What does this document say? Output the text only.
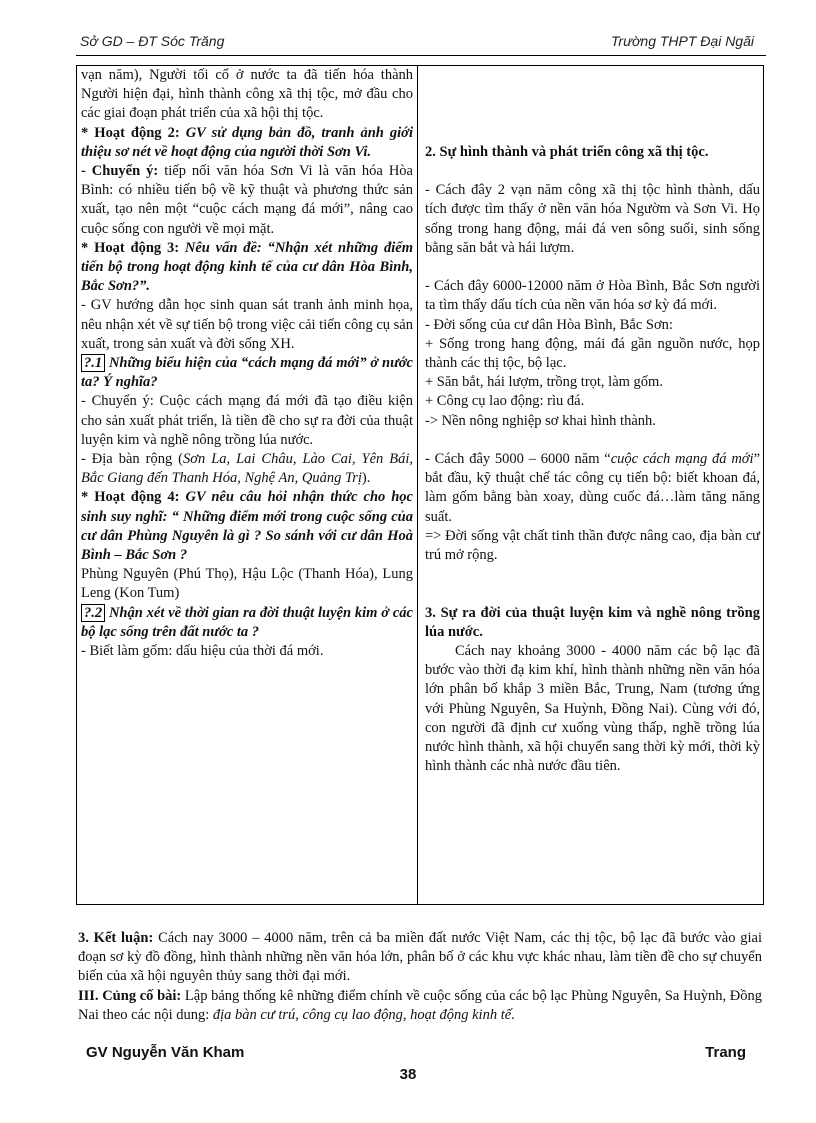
Sở GD – ĐT Sóc Trăng	Trường THPT Đại Ngãi

vạn năm), Người tối cổ ở nước ta đã tiến hóa thành Người hiện đại, hình thành công xã thị tộc, mở đầu cho các giai đoạn phát triển của xã hội thị tộc.

* Hoạt động 2: GV sử dụng bản đồ, tranh ảnh giới thiệu sơ nét về hoạt động của người thời Sơn Vi.

- Chuyển ý: tiếp nối văn hóa Sơn Vi là văn hóa Hòa Bình: có nhiều tiến bộ về kỹ thuật và phương thức sản xuất, tạo nên một “cuộc cách mạng đá mới”, nâng cao cuộc sống con người về mọi mặt.

* Hoạt động 3: Nêu vấn đề: “Nhận xét những điểm tiến bộ trong hoạt động kinh tế của cư dân Hòa Bình, Bắc Sơn?”.

- GV hướng dẫn học sinh quan sát tranh ảnh minh họa, nêu nhận xét về sự tiến bộ trong việc cải tiến công cụ sản xuất, trong sản xuất và đời sống XH.

?.1 Những biểu hiện của “cách mạng đá mới” ở nước ta? Ý nghĩa?

- Chuyển ý: Cuộc cách mạng đá mới đã tạo điều kiện cho sản xuất phát triển, là tiền đề cho sự ra đời của thuật luyện kim và nghề nông trồng lúa nước.

- Địa bàn rộng (Sơn La, Lai Châu, Lào Cai, Yên Bái, Bắc Giang đến Thanh Hóa, Nghệ An, Quảng Trị).

* Hoạt động 4: GV nêu câu hỏi nhận thức cho học sinh suy nghĩ: “ Những điểm mới trong cuộc sống của cư dân Phùng Nguyên là gì ? So sánh với cư dân Hoà Bình – Bắc Sơn ?

Phùng Nguyên (Phú Thọ), Hậu Lộc (Thanh Hóa), Lung Leng (Kon Tum)

?.2 Nhận xét về thời gian ra đời thuật luyện kim ở các bộ lạc sống trên đất nước ta ?

- Biết làm gốm: dấu hiệu của thời đá mới.

2. Sự hình thành và phát triển công xã thị tộc.

- Cách đây 2 vạn năm công xã thị tộc hình thành, dấu tích được tìm thấy ở nền văn hóa Ngườm và Sơn Vi. Họ sống trong hang động, mái đá ven sông suối, sinh sống bằng săn bắt và hái lượm.

- Cách đây 6000-12000 năm ở Hòa Bình, Bắc Sơn người ta tìm thấy dấu tích của nền văn hóa sơ kỳ đá mới.

- Đời sống của cư dân Hòa Bình, Bắc Sơn:

+ Sống trong hang động, mái đá gần nguồn nước, họp thành các thị tộc, bộ lạc.

+ Săn bắt, hái lượm, trồng trọt, làm gốm.

+ Công cụ lao động: rìu đá.

-> Nền nông nghiệp sơ khai hình thành.

- Cách đây 5000 – 6000 năm “cuộc cách mạng đá mới” bắt đầu, kỹ thuật chế tác công cụ tiến bộ: biết khoan đá, làm gốm bằng bàn xoay, dùng cuốc đá…làm tăng năng suất.

=> Đời sống vật chất tinh thần được nâng cao, địa bàn cư trú mở rộng.

3. Sự ra đời của thuật luyện kim và nghề nông trồng lúa nước.

Cách nay khoảng 3000 - 4000 năm các bộ lạc đã bước vào thời đạ kim khí, hình thành những nền văn hóa lớn phân bố khắp 3 miền Bắc, Trung, Nam (tương ứng với Phùng Nguyên, Sa Huỳnh, Đồng Nai). Cùng với đó, con người đã định cư xuống vùng thấp, nghề trồng lúa nước hình thành, xã hội chuyển sang thời kỳ mới, thời kỳ hình thành các nhà nước đầu tiên.

3. Kết luận: Cách nay 3000 – 4000 năm, trên cả ba miền đất nước Việt Nam, các thị tộc, bộ lạc đã bước vào giai đoạn sơ kỳ đồ đồng, hình thành những nền văn hóa lớn, phân bố ở các khu vực khác nhau, làm tiền đề cho sự chuyển biến của xã hội nguyên thủy sang thời đại mới.

III. Củng cố bài: Lập bảng thống kê những điểm chính về cuộc sống của các bộ lạc Phùng Nguyên, Sa Huỳnh, Đồng Nai theo các nội dung: địa bàn cư trú, công cụ lao động, hoạt động kinh tế.

GV Nguyễn Văn Kham	Trang
38
